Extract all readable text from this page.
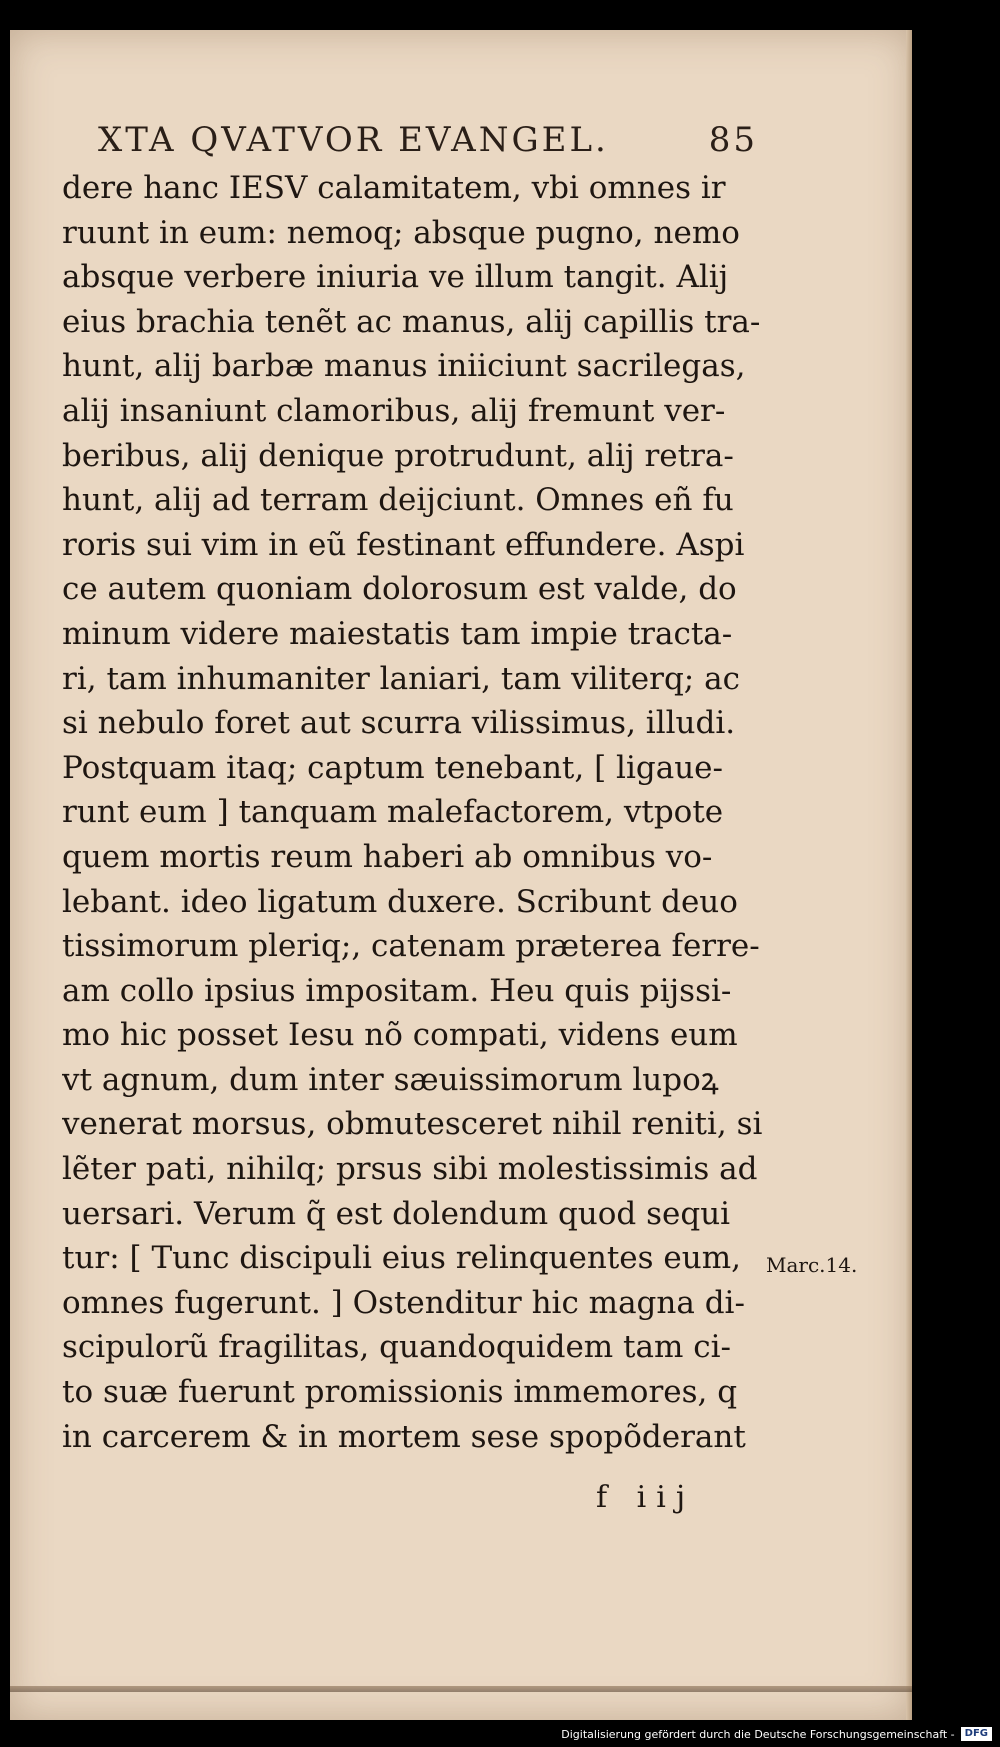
XTA QVATVOR EVANGEL.	85
dere hanc IESV calamitatem, vbi omnes ir
ruunt in eum: nemoq; absque pugno, nemo
absque verbere iniuria ve illum tangit. Alij
eius brachia tenẽt ac manus, alij capillis tra-
hunt, alij barbæ manus iniiciunt sacrilegas,
alij insaniunt clamoribus, alij fremunt ver-
beribus, alij denique protrudunt, alij retra-
hunt, alij ad terram deijciunt. Omnes eñ fu
roris sui vim in eũ festinant effundere. Aspi
ce autem quoniam dolorosum est valde, do
minum videre maiestatis tam impie tracta-
ri, tam inhumaniter laniari, tam viliterq; ac
si nebulo foret aut scurra vilissimus, illudi.
Postquam itaq; captum tenebant, [ ligaue-
runt eum ] tanquam malefactorem, vtpote
quem mortis reum haberi ab omnibus vo-
lebant. ideo ligatum duxere. Scribunt deuo
tissimorum pleriq;, catenam præterea ferre-
am collo ipsius impositam. Heu quis pijssi-
mo hic posset Iesu nõ compati, videns eum
vt agnum, dum inter sæuissimorum lupoꝝ
venerat morsus, obmutesceret nihil reniti, si
lẽter pati, nihilq; prsus sibi molestissimis ad
uersari. Verum q̃ est dolendum quod sequi
tur: [ Tunc discipuli eius relinquentes eum,
omnes fugerunt. ] Ostenditur hic magna di-
scipulorũ fragilitas, quandoquidem tam ci-
to suæ fuerunt promissionis immemores, q
in carcerem & in mortem sese spopõderant
Marc.14.
f iij
Digitalisierung gefördert durch die Deutsche Forschungsgemeinschaft -	DFG
